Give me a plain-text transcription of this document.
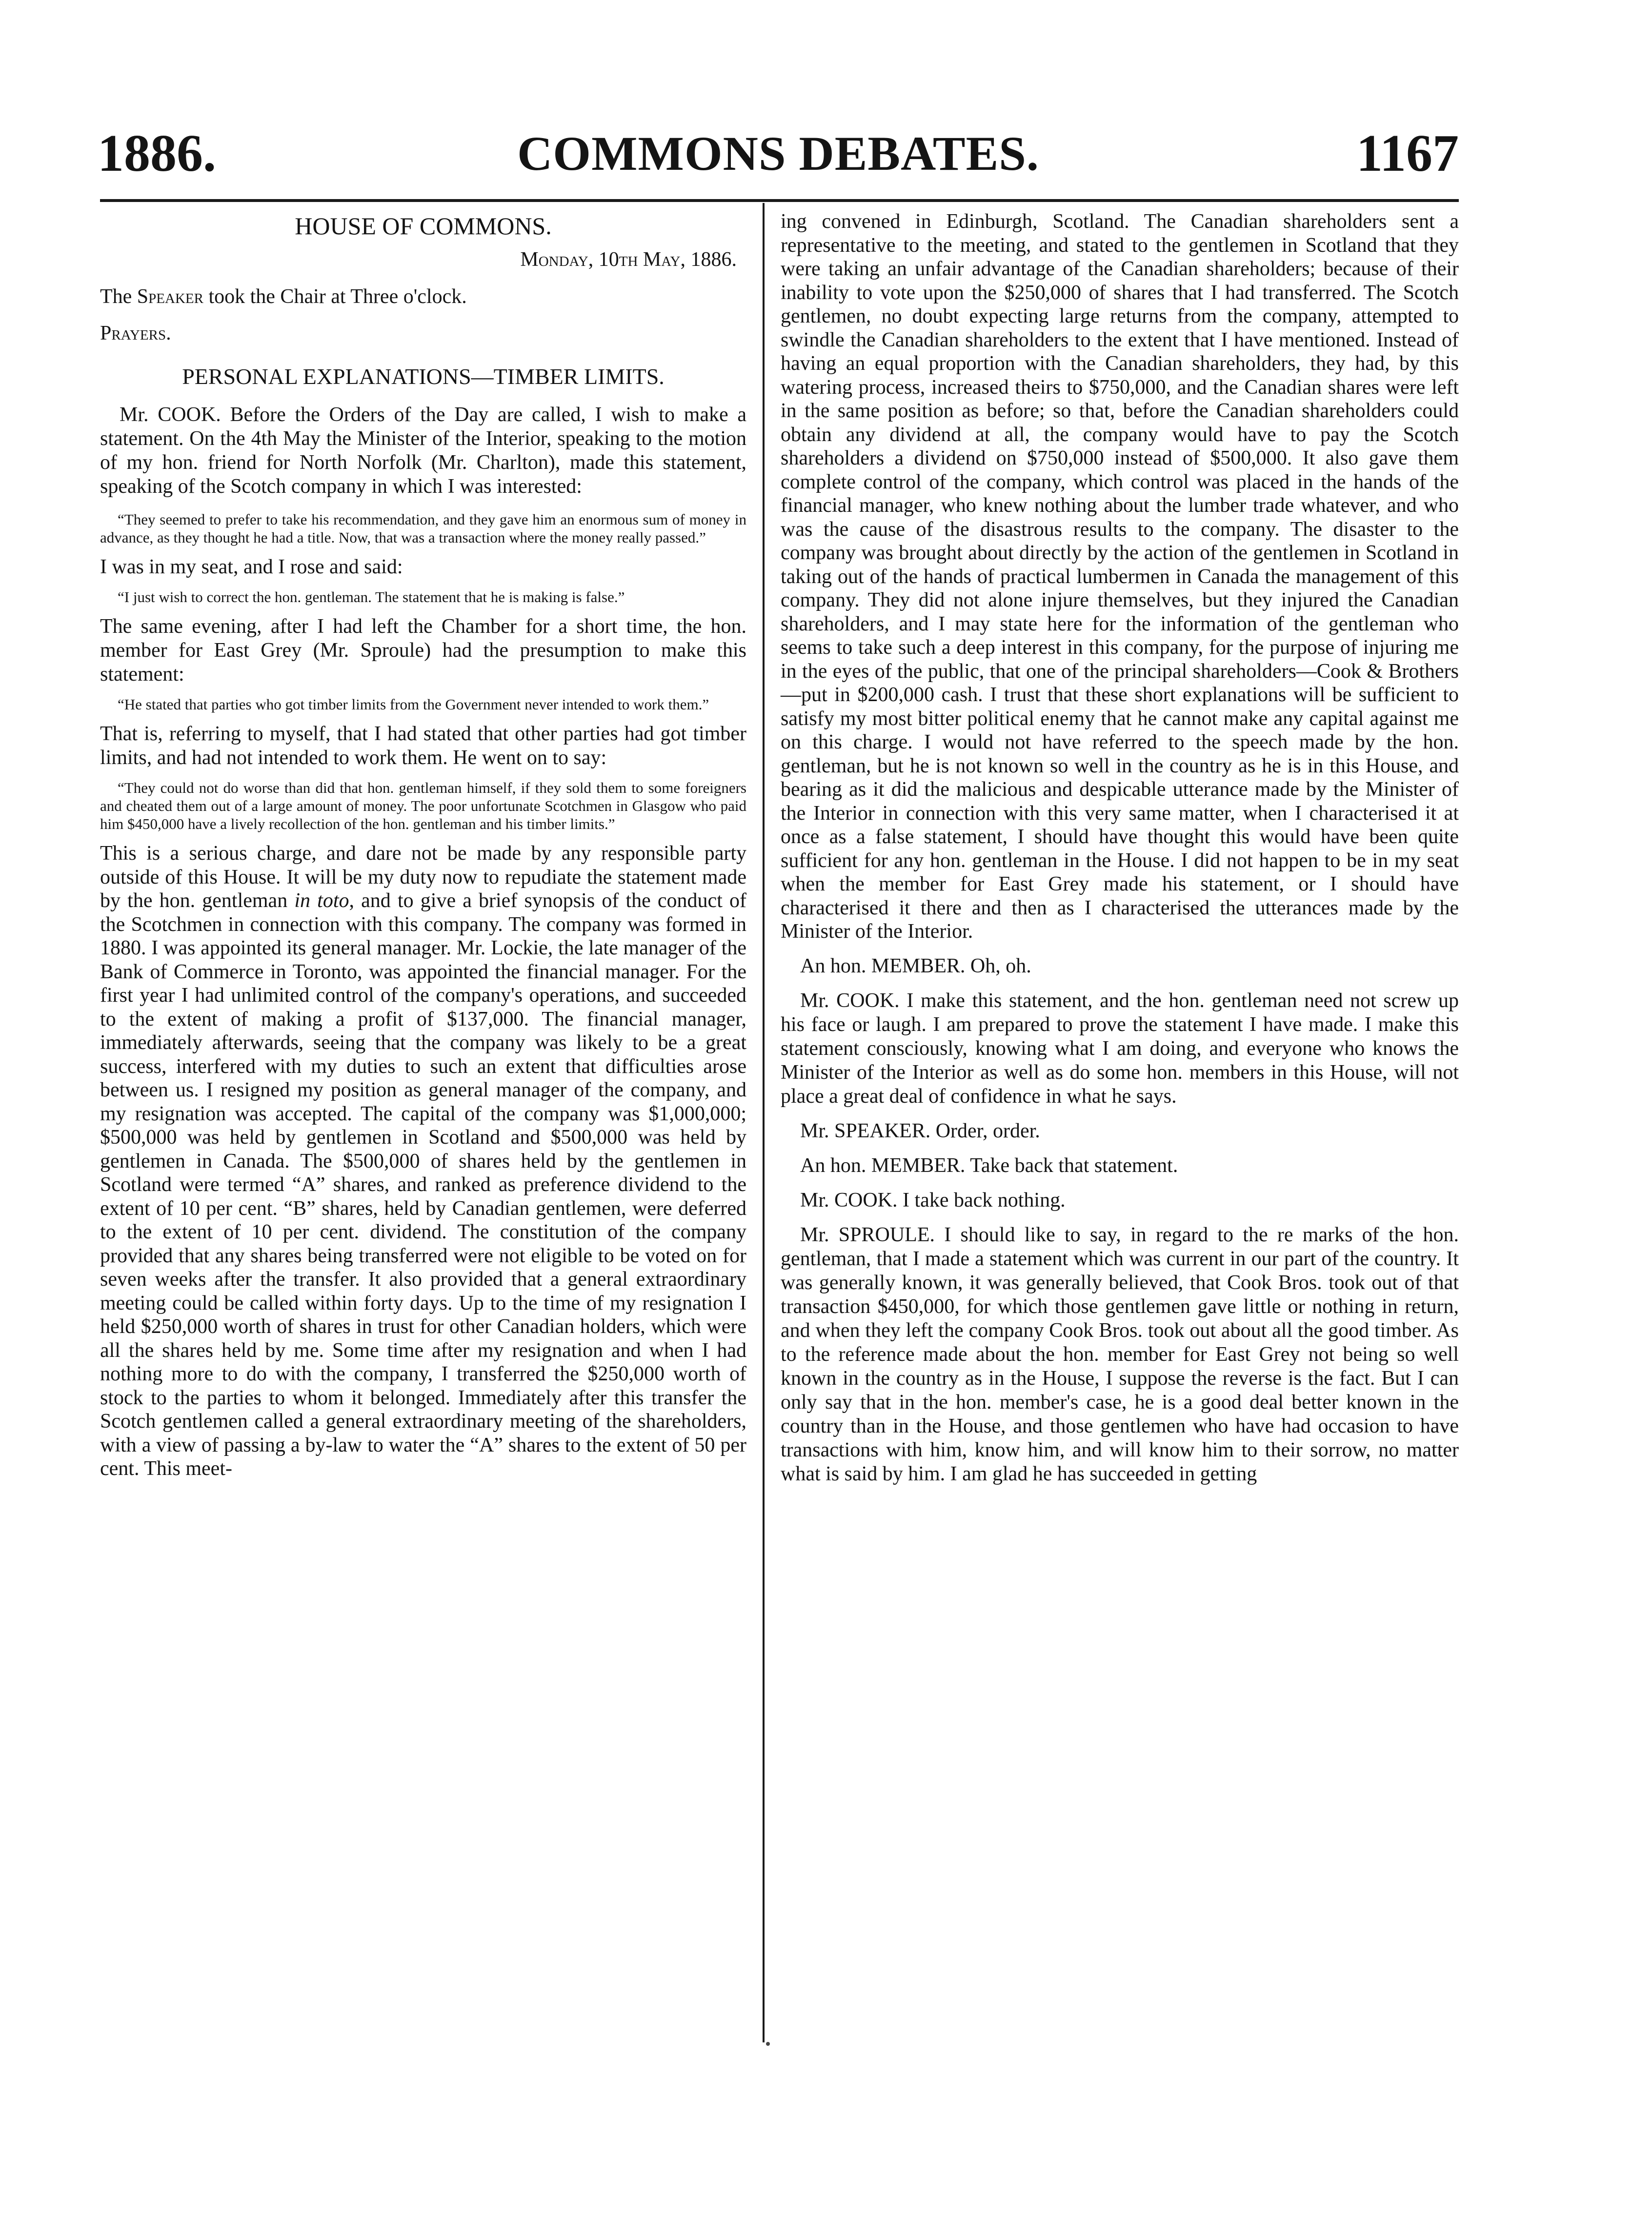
1886.	COMMONS DEBATES.	1167

HOUSE OF COMMONS.

Monday, 10th May, 1886.

The Speaker took the Chair at Three o'clock.

Prayers.

PERSONAL EXPLANATIONS—TIMBER LIMITS.

Mr. COOK. Before the Orders of the Day are called, I wish to make a statement. On the 4th May the Minister of the Interior, speaking to the motion of my hon. friend for North Norfolk (Mr. Charlton), made this statement, speaking of the Scotch company in which I was interested:

“They seemed to prefer to take his recommendation, and they gave him an enormous sum of money in advance, as they thought he had a title. Now, that was a transaction where the money really passed.”

I was in my seat, and I rose and said:

“I just wish to correct the hon. gentleman. The statement that he is making is false.”

The same evening, after I had left the Chamber for a short time, the hon. member for East Grey (Mr. Sproule) had the presumption to make this statement:

“He stated that parties who got timber limits from the Government never intended to work them.”

That is, referring to myself, that I had stated that other parties had got timber limits, and had not intended to work them. He went on to say:

“They could not do worse than did that hon. gentleman himself, if they sold them to some foreigners and cheated them out of a large amount of money. The poor unfortunate Scotchmen in Glasgow who paid him $450,000 have a lively recollection of the hon. gentleman and his timber limits.”

This is a serious charge, and dare not be made by any responsible party outside of this House. It will be my duty now to repudiate the statement made by the hon. gentleman in toto, and to give a brief synopsis of the conduct of the Scotchmen in connection with this company. The company was formed in 1880. I was appointed its general manager. Mr. Lockie, the late manager of the Bank of Commerce in Toronto, was appointed the financial manager. For the first year I had unlimited control of the company's operations, and succeeded to the extent of making a profit of $137,000. The financial manager, immediately afterwards, seeing that the company was likely to be a great success, interfered with my duties to such an extent that difficulties arose between us. I resigned my position as general manager of the company, and my resignation was accepted. The capital of the company was $1,000,000; $500,000 was held by gentlemen in Scotland and $500,000 was held by gentlemen in Canada. The $500,000 of shares held by the gentlemen in Scotland were termed “A” shares, and ranked as preference dividend to the extent of 10 per cent. “B” shares, held by Canadian gentlemen, were deferred to the extent of 10 per cent. dividend. The constitution of the company provided that any shares being transferred were not eligible to be voted on for seven weeks after the transfer. It also provided that a general extraordinary meeting could be called within forty days. Up to the time of my resignation I held $250,000 worth of shares in trust for other Canadian holders, which were all the shares held by me. Some time after my resignation and when I had nothing more to do with the company, I transferred the $250,000 worth of stock to the parties to whom it belonged. Immediately after this transfer the Scotch gentlemen called a general extraordinary meeting of the shareholders, with a view of passing a by-law to water the “A” shares to the extent of 50 per cent. This meet-

ing convened in Edinburgh, Scotland. The Canadian shareholders sent a representative to the meeting, and stated to the gentlemen in Scotland that they were taking an unfair advantage of the Canadian shareholders; because of their inability to vote upon the $250,000 of shares that I had transferred. The Scotch gentlemen, no doubt expecting large returns from the company, attempted to swindle the Canadian shareholders to the extent that I have mentioned. Instead of having an equal proportion with the Canadian shareholders, they had, by this watering process, increased theirs to $750,000, and the Canadian shares were left in the same position as before; so that, before the Canadian shareholders could obtain any dividend at all, the company would have to pay the Scotch shareholders a dividend on $750,000 instead of $500,000. It also gave them complete control of the company, which control was placed in the hands of the financial manager, who knew nothing about the lumber trade whatever, and who was the cause of the disastrous results to the company. The disaster to the company was brought about directly by the action of the gentlemen in Scotland in taking out of the hands of practical lumbermen in Canada the management of this company. They did not alone injure themselves, but they injured the Canadian shareholders, and I may state here for the information of the gentleman who seems to take such a deep interest in this company, for the purpose of injuring me in the eyes of the public, that one of the principal shareholders—Cook & Brothers—put in $200,000 cash. I trust that these short explanations will be sufficient to satisfy my most bitter political enemy that he cannot make any capital against me on this charge. I would not have referred to the speech made by the hon. gentleman, but he is not known so well in the country as he is in this House, and bearing as it did the malicious and despicable utterance made by the Minister of the Interior in connection with this very same matter, when I characterised it at once as a false statement, I should have thought this would have been quite sufficient for any hon. gentleman in the House. I did not happen to be in my seat when the member for East Grey made his statement, or I should have characterised it there and then as I characterised the utterances made by the Minister of the Interior.

An hon. MEMBER. Oh, oh.

Mr. COOK. I make this statement, and the hon. gentleman need not screw up his face or laugh. I am prepared to prove the statement I have made. I make this statement consciously, knowing what I am doing, and everyone who knows the Minister of the Interior as well as do some hon. members in this House, will not place a great deal of confidence in what he says.

Mr. SPEAKER. Order, order.

An hon. MEMBER. Take back that statement.

Mr. COOK. I take back nothing.

Mr. SPROULE. I should like to say, in regard to the re marks of the hon. gentleman, that I made a statement which was current in our part of the country. It was generally known, it was generally believed, that Cook Bros. took out of that transaction $450,000, for which those gentlemen gave little or nothing in return, and when they left the company Cook Bros. took out about all the good timber. As to the reference made about the hon. member for East Grey not being so well known in the country as in the House, I suppose the reverse is the fact. But I can only say that in the hon. member's case, he is a good deal better known in the country than in the House, and those gentlemen who have had occasion to have transactions with him, know him, and will know him to their sorrow, no matter what is said by him. I am glad he has succeeded in getting
